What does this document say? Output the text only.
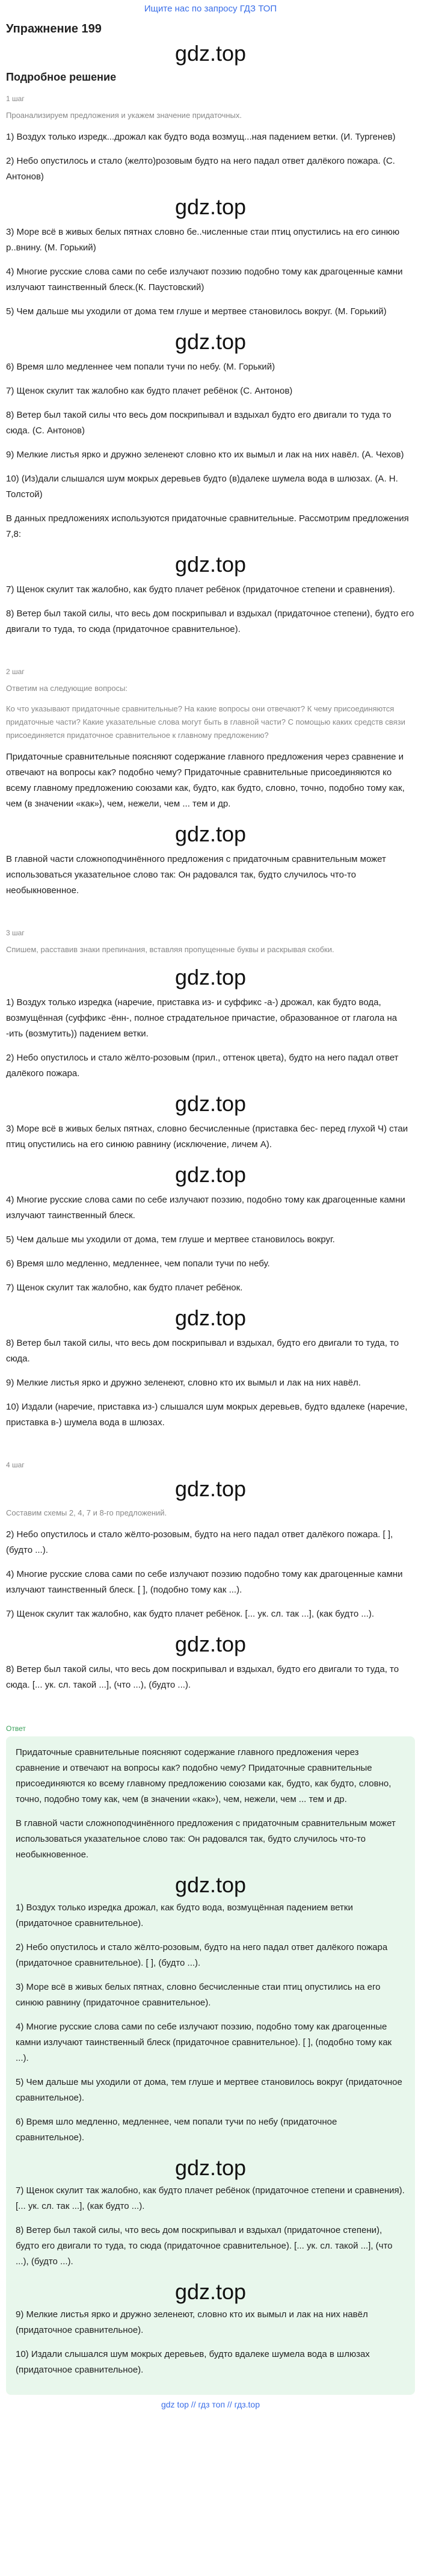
Ищите нас по запросу ГДЗ ТОП
Упражнение 199
gdz.top
Подробное решение
1 шаг
Проанализируем предложения и укажем значение придаточных.
1) Воздух только изредк...дрожал как будто вода возмущ...ная падением ветки. (И. Тургенев)
2) Небо опустилось и стало (желто)розовым будто на него падал ответ далёкого пожара. (С. Антонов)
gdz.top
3) Море всё в живых белых пятнах словно бе..численные стаи птиц опустились на его синюю р..внину. (М. Горький)
4) Многие русские слова сами по себе излучают поэзию подобно тому как драгоценные камни излучают таинственный блеск.(К. Паустовский)
5) Чем дальше мы уходили от дома тем глуше и мертвее становилось вокруг. (М. Горький)
gdz.top
6) Время шло медленнее чем попали тучи по небу. (М. Горький)
7) Щенок скулит так жалобно как будто плачет ребёнок (С. Антонов)
8) Ветер был такой силы что весь дом поскрипывал и вздыхал будто его двигали то туда то сюда. (С. Антонов)
9) Мелкие листья ярко и дружно зеленеют словно кто их вымыл и лак на них навёл. (А. Чехов)
10) (Из)дали слышался шум мокрых деревьев будто (в)далеке шумела вода в шлюзах. (А. Н. Толстой)
В данных предложениях используются придаточные сравнительные. Рассмотрим предложения 7,8:
gdz.top
7) Щенок скулит так жалобно, как будто плачет ребёнок (придаточное степени и сравнения).
8) Ветер был такой силы, что весь дом поскрипывал и вздыхал (придаточное степени), будто его двигали то туда, то сюда (придаточное сравнительное).
2 шаг
Ответим на следующие вопросы:
Ко что указывают придаточные сравнительные? На какие вопросы они отвечают? К чему присоединяются придаточные части? Какие указательные слова могут быть в главной части? С помощью каких средств связи присоединяется придаточное сравнительное к главному предложению?
Придаточные сравнительные поясняют содержание главного предложения через сравнение и отвечают на вопросы как? подобно чему? Придаточные сравнительные присоединяются ко всему главному предложению союзами как, будто, как будто, словно, точно, подобно тому как, чем (в значении «как»), чем, нежели, чем ... тем и др.
gdz.top
В главной части сложноподчинённого предложения с придаточным сравнительным может использоваться указательное слово так: Он радовался так, будто случилось что-то необыкновенное.
3 шаг
Спишем, расставив знаки препинания, вставляя пропущенные буквы и раскрывая скобки.
gdz.top
1) Воздух только изредка (наречие, приставка из- и суффикс -а-) дрожал, как будто вода, возмущённая (суффикс -ённ-, полное страдательное причастие, образованное от глагола на -ить (возмутить)) падением ветки.
2) Небо опустилось и стало жёлто-розовым (прил., оттенок цвета), будто на него падал ответ далёкого пожара.
gdz.top
3) Море всё в живых белых пятнах, словно бесчисленные (приставка бес- перед глухой Ч) стаи птиц опустились на его синюю равнину (исключение, личем А).
gdz.top
4) Многие русские слова сами по себе излучают поэзию, подобно тому как драгоценные камни излучают таинственный блеск.
5) Чем дальше мы уходили от дома, тем глуше и мертвее становилось вокруг.
6) Время шло медленно, медленнее, чем попали тучи по небу.
7) Щенок скулит так жалобно, как будто плачет ребёнок.
gdz.top
8) Ветер был такой силы, что весь дом поскрипывал и вздыхал, будто его двигали то туда, то сюда.
9) Мелкие листья ярко и дружно зеленеют, словно кто их вымыл и лак на них навёл.
10) Издали (наречие, приставка из-) слышался шум мокрых деревьев, будто вдалеке (наречие, приставка в-) шумела вода в шлюзах.
4 шаг
gdz.top
Составим схемы 2, 4, 7 и 8-го предложений.
2) Небо опустилось и стало жёлто-розовым, будто на него падал ответ далёкого пожара. [ ], (будто ...).
4) Многие русские слова сами по себе излучают поэзию подобно тому как драгоценные камни излучают таинственный блеск. [ ], (подобно тому как ...).
7) Щенок скулит так жалобно, как будто плачет ребёнок. [... ук. сл. так ...], (как будто ...).
gdz.top
8) Ветер был такой силы, что весь дом поскрипывал и вздыхал, будто его двигали то туда, то сюда. [... ук. сл. такой ...], (что ...), (будто ...).
Ответ
Придаточные сравнительные поясняют содержание главного предложения через сравнение и отвечают на вопросы как? подобно чему? Придаточные сравнительные присоединяются ко всему главному предложению союзами как, будто, как будто, словно, точно, подобно тому как, чем (в значении «как»), чем, нежели, чем ... тем и др.
В главной части сложноподчинённого предложения с придаточным сравнительным может использоваться указательное слово так: Он радовался так, будто случилось что-то необыкновенное.
gdz.top
1) Воздух только изредка дрожал, как будто вода, возмущённая падением ветки (придаточное сравнительное).
2) Небо опустилось и стало жёлто-розовым, будто на него падал ответ далёкого пожара (придаточное сравнительное). [ ], (будто ...).
3) Море всё в живых белых пятнах, словно бесчисленные стаи птиц опустились на его синюю равнину (придаточное сравнительное).
4) Многие русские слова сами по себе излучают поэзию, подобно тому как драгоценные камни излучают таинственный блеск (придаточное сравнительное). [ ], (подобно тому как ...).
5) Чем дальше мы уходили от дома, тем глуше и мертвее становилось вокруг (придаточное сравнительное).
6) Время шло медленно, медленнее, чем попали тучи по небу (придаточное сравнительное).
gdz.top
7) Щенок скулит так жалобно, как будто плачет ребёнок (придаточное степени и сравнения). [... ук. сл. так ...], (как будто ...).
8) Ветер был такой силы, что весь дом поскрипывал и вздыхал (придаточное степени), будто его двигали то туда, то сюда (придаточное сравнительное). [... ук. сл. такой ...], (что ...), (будто ...).
gdz.top
9) Мелкие листья ярко и дружно зеленеют, словно кто их вымыл и лак на них навёл (придаточное сравнительное).
10) Издали слышался шум мокрых деревьев, будто вдалеке шумела вода в шлюзах (придаточное сравнительное).
gdz top // гдз топ // гдз.top
